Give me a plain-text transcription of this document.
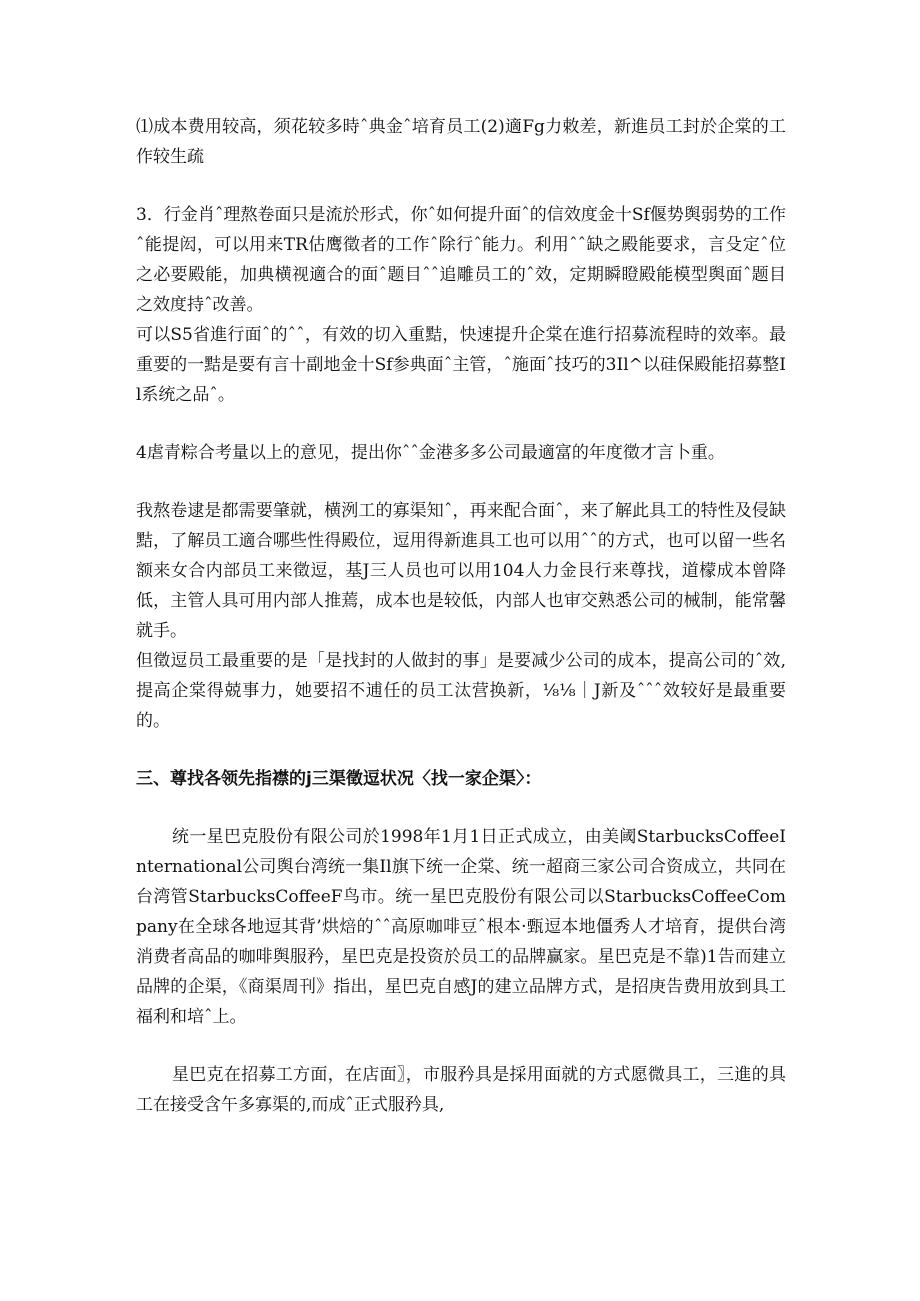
⑴成本费用较高，须花较多時ˆ典金ˆ培育员工(2)適Fg力敕差，新進员工封於企棠的工作较生疏

3．行金肖ˆ理熬卷面只是流於形式，你ˆ如何提升面ˆ的信效度金十Sf偃势舆弱势的工作ˆ能提闳，可以用来TR估鹰徵者的工作ˆ除行ˆ能力。利用ˆˆ缺之殿能要求，言殳定ˆ位之必要殿能，加典横视適合的面ˆ题目ˆˆ追雕员工的ˆ效，定期瞬瞪殿能模型舆面ˆ题目之效度持ˆ改善。

可以S5省進行面ˆ的ˆˆ，有效的切入重黠，快速提升企棠在進行招募流程時的效率。最重要的一黠是要有言十副地金十Sf参典面ˆ主管，ˆ施面ˆ技巧的3Il^以硅保殿能招募整Il系统之品ˆ。

4虐青粽合考量以上的意见，提出你ˆˆ金港多多公司最適富的年度徵才言卜重。

我熬卷逮是都需要肇就，横洌工的寡渠知ˆ，再来配合面ˆ，来了解此具工的特性及侵缺黠，了解员工適合哪些性得殿位，逗用得新進具工也可以用ˆˆ的方式，也可以留一些名额来女合内部员工来徵逗，基J三人员也可以用104人力金艮行来尊找，道檬成本曾降低，主管人具可用内部人推蔫，成本也是较低，内部人也审交熟悉公司的械制，能常馨就手。

但徵逗员工最重要的是「是找封的人做封的事」是要减少公司的成本，提高公司的ˆ效,提高企棠得兢事力，她要招不逋任的员工汰营换新，⅛⅛｜J新及ˆˆˆ效较好是最重要的。

三、尊找各领先指襟的j三渠徵逗状况〈找一家企渠〉：

统一星巴克股份有限公司於1998年1月1日正式成立，由美阈StarbucksCoffeeInternational公司舆台湾统一集Il旗下统一企棠、统一超商三家公司合资成立，共同在台湾管StarbucksCoffeeF鸟市。统一星巴克股份有限公司以StarbucksCoffeeCompany在全球各地逗其背’烘焙的ˆˆ高原咖啡豆ˆ根本·甄逗本地僵秀人才培育，提供台湾消费者高品的咖啡舆服矜，星巴克是投资於员工的品牌赢家。星巴克是不靠)1告而建立品牌的企渠，《商渠周刊》指出，星巴克自感J的建立品牌方式，是招庚告费用放到具工福利和培ˆ上。

星巴克在招募工方面，在店面〗，市服矜具是採用面就的方式愿微具工，三進的具工在接受含午多寡渠的,而成ˆ正式服矜具,
